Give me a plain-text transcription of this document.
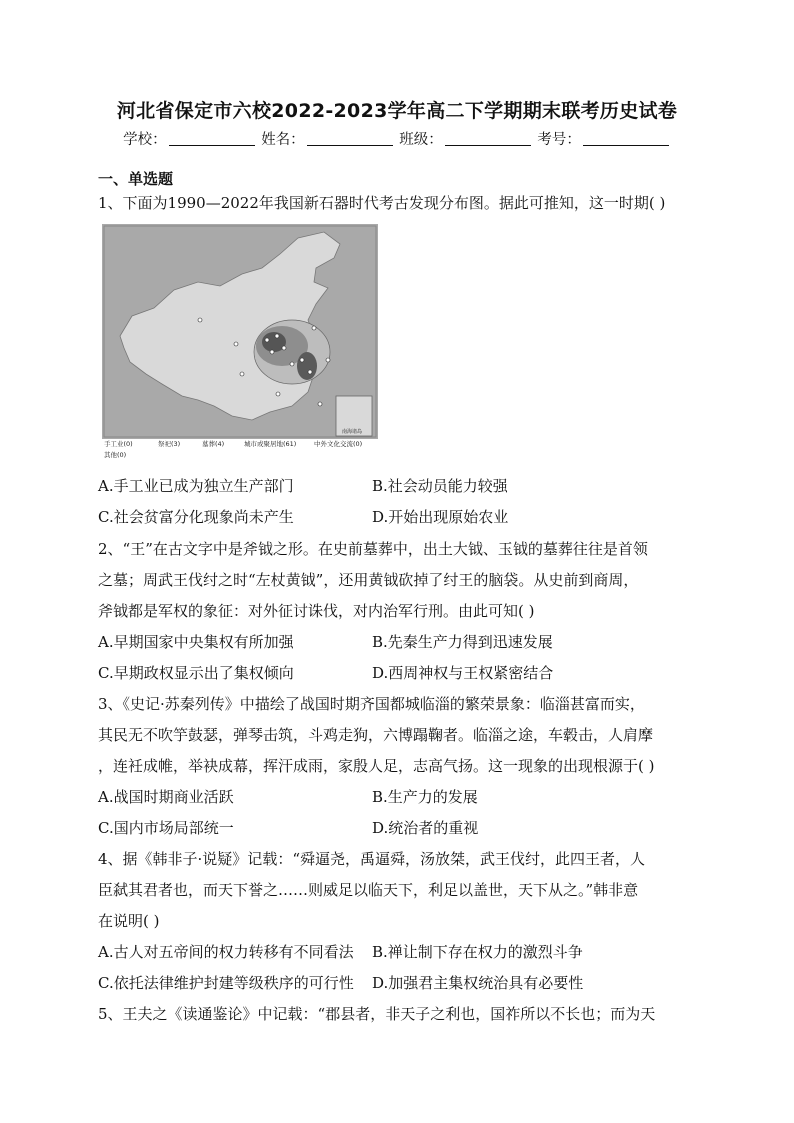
河北省保定市六校2022-2023学年高二下学期期末联考历史试卷
学校：	姓名：	班级：	考号：
一、单选题
1、下面为1990—2022年我国新石器时代考古发现分布图。据此可推知，这一时期( )
南海诸岛
手工业(0)	祭祀(3)	墓葬(4)	城市或聚居地(61)	中外文化交流(0)
其他(0)
A.手工业已成为独立生产部门	B.社会动员能力较强
C.社会贫富分化现象尚未产生	D.开始出现原始农业
2、“王”在古文字中是斧钺之形。在史前墓葬中，出土大钺、玉钺的墓葬往往是首领
之墓；周武王伐纣之时“左杖黄钺”，还用黄钺砍掉了纣王的脑袋。从史前到商周，
斧钺都是军权的象征：对外征讨诛伐，对内治军行刑。由此可知( )
A.早期国家中央集权有所加强	B.先秦生产力得到迅速发展
C.早期政权显示出了集权倾向	D.西周神权与王权紧密结合
3、《史记·苏秦列传》中描绘了战国时期齐国都城临淄的繁荣景象：临淄甚富而实，
其民无不吹竽鼓瑟，弹琴击筑，斗鸡走狗，六博蹋鞠者。临淄之途，车毂击，人肩摩
，连衽成帷，举袂成幕，挥汗成雨，家殷人足，志高气扬。这一现象的出现根源于( )
A.战国时期商业活跃	B.生产力的发展
C.国内市场局部统一	D.统治者的重视
4、据《韩非子·说疑》记载：“舜逼尧，禹逼舜，汤放桀，武王伐纣，此四王者，人
臣弑其君者也，而天下誉之……则威足以临天下，利足以盖世，天下从之。”韩非意
在说明( )
A.古人对五帝间的权力转移有不同看法 B.禅让制下存在权力的激烈斗争
C.依托法律维护封建等级秩序的可行性 D.加强君主集权统治具有必要性
5、王夫之《读通鉴论》中记载：“郡县者，非天子之利也，国祚所以不长也；而为天
